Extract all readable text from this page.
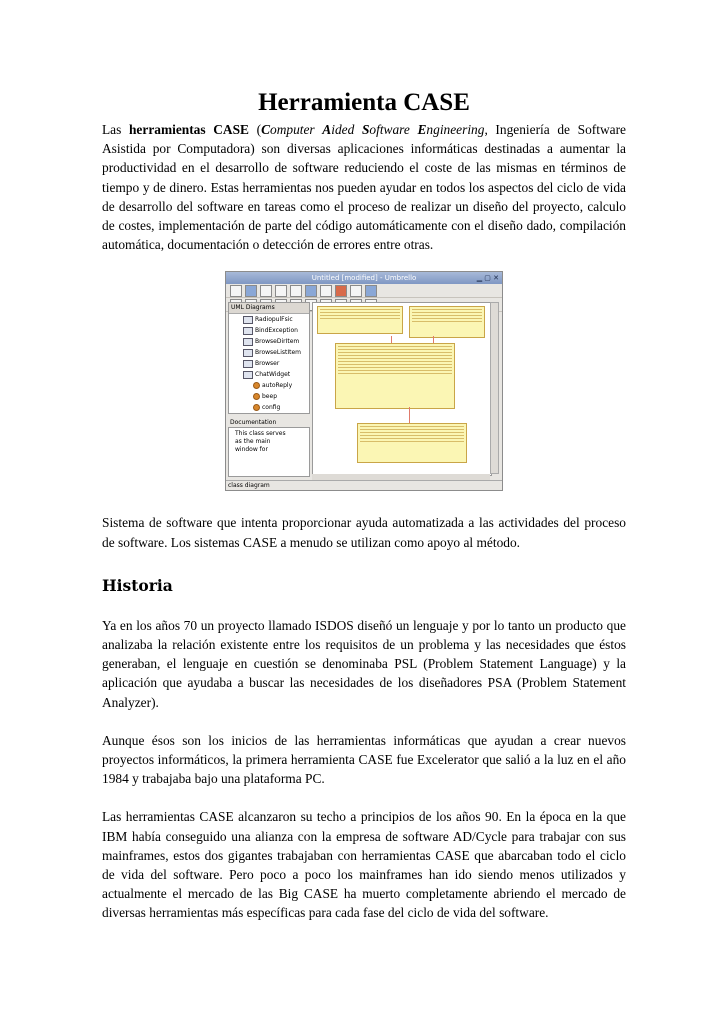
Herramienta CASE

Las herramientas CASE (Computer Aided Software Engineering, Ingeniería de Software Asistida por Computadora) son diversas aplicaciones informáticas destinadas a aumentar la productividad en el desarrollo de software reduciendo el coste de las mismas en términos de tiempo y de dinero. Estas herramientas nos pueden ayudar en todos los aspectos del ciclo de vida de desarrollo del software en tareas como el proceso de realizar un diseño del proyecto, calculo de costes, implementación de parte del código automáticamente con el diseño dado, compilación automática, documentación o detección de errores entre otras.

Untitled [modified] - Umbrello	▁ ▢ ✕
UML Diagrams
RadiopulFsic
BindException
BrowseDirItem
BrowseListItem
Browser
ChatWidget
autoReply
beep
config
Documentation
This class serves
as the main
window for
class diagram

Sistema de software que intenta proporcionar ayuda automatizada a las actividades del proceso de software. Los sistemas CASE a menudo se utilizan como apoyo al método.

Historia

Ya en los años 70 un proyecto llamado ISDOS diseñó un lenguaje y por lo tanto un producto que analizaba la relación existente entre los requisitos de un problema y las necesidades que éstos generaban, el lenguaje en cuestión se denominaba PSL (Problem Statement Language) y la aplicación que ayudaba a buscar las necesidades de los diseñadores PSA (Problem Statement Analyzer).

Aunque ésos son los inicios de las herramientas informáticas que ayudan a crear nuevos proyectos informáticos, la primera herramienta CASE fue Excelerator que salió a la luz en el año 1984 y trabajaba bajo una plataforma PC.

Las herramientas CASE alcanzaron su techo a principios de los años 90. En la época en la que IBM había conseguido una alianza con la empresa de software AD/Cycle para trabajar con sus mainframes, estos dos gigantes trabajaban con herramientas CASE que abarcaban todo el ciclo de vida del software. Pero poco a poco los mainframes han ido siendo menos utilizados y actualmente el mercado de las Big CASE ha muerto completamente abriendo el mercado de diversas herramientas más específicas para cada fase del ciclo de vida del software.
